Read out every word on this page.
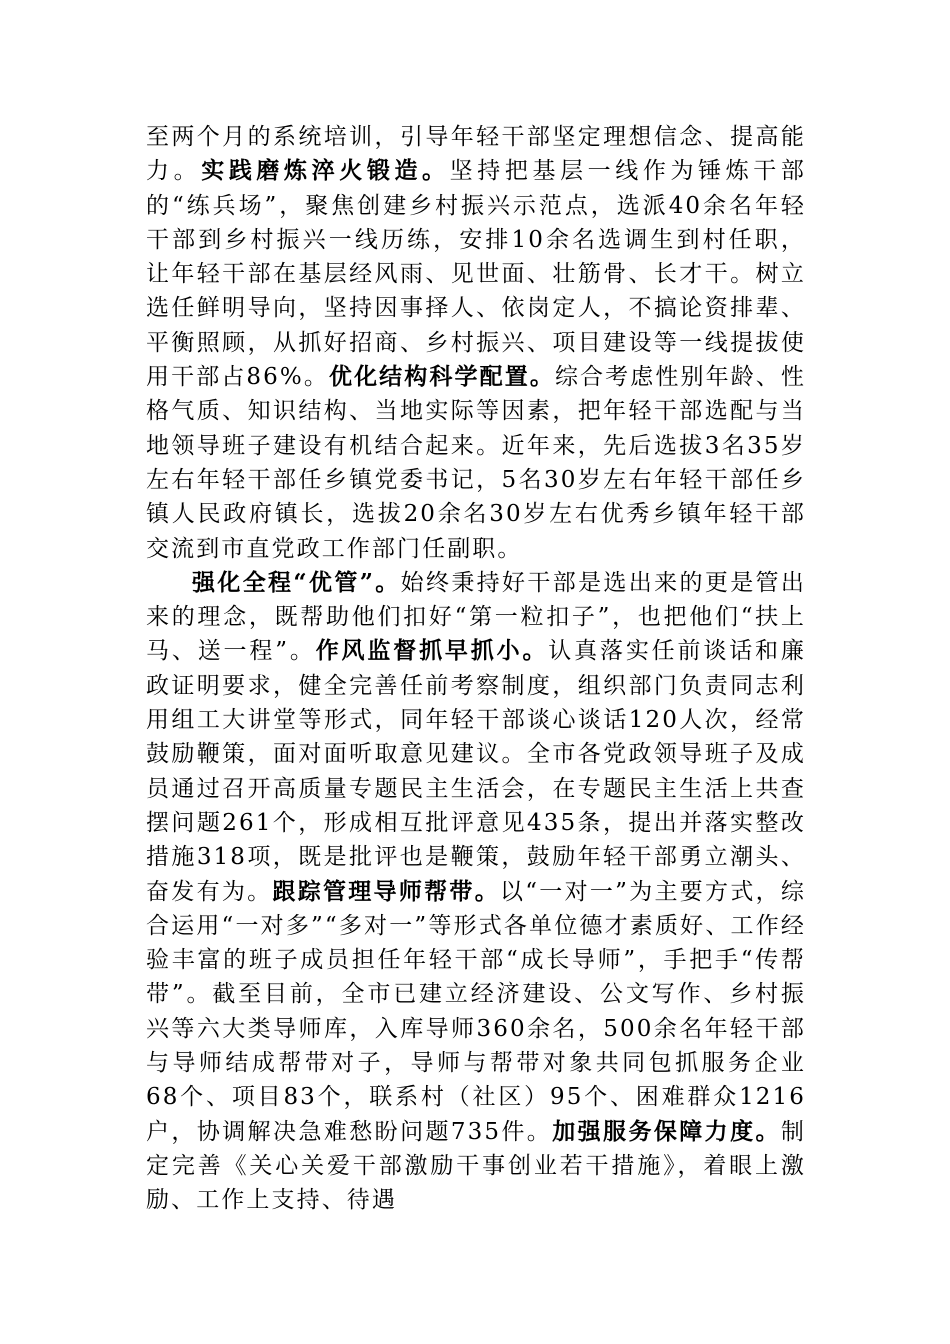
至两个月的系统培训，引导年轻干部坚定理想信念、提高能力。实践磨炼淬火锻造。坚持把基层一线作为锤炼干部的“练兵场”，聚焦创建乡村振兴示范点，选派40余名年轻干部到乡村振兴一线历练，安排10余名选调生到村任职，让年轻干部在基层经风雨、见世面、壮筋骨、长才干。树立选任鲜明导向，坚持因事择人、依岗定人，不搞论资排辈、平衡照顾，从抓好招商、乡村振兴、项目建设等一线提拔使用干部占86%。优化结构科学配置。综合考虑性别年龄、性格气质、知识结构、当地实际等因素，把年轻干部选配与当地领导班子建设有机结合起来。近年来，先后选拔3名35岁左右年轻干部任乡镇党委书记，5名30岁左右年轻干部任乡镇人民政府镇长，选拔20余名30岁左右优秀乡镇年轻干部交流到市直党政工作部门任副职。

强化全程“优管”。始终秉持好干部是选出来的更是管出来的理念，既帮助他们扣好“第一粒扣子”，也把他们“扶上马、送一程”。作风监督抓早抓小。认真落实任前谈话和廉政证明要求，健全完善任前考察制度，组织部门负责同志利用组工大讲堂等形式，同年轻干部谈心谈话120人次，经常鼓励鞭策，面对面听取意见建议。全市各党政领导班子及成员通过召开高质量专题民主生活会，在专题民主生活上共查摆问题261个，形成相互批评意见435条，提出并落实整改措施318项，既是批评也是鞭策，鼓励年轻干部勇立潮头、奋发有为。跟踪管理导师帮带。以“一对一”为主要方式，综合运用“一对多”“多对一”等形式各单位德才素质好、工作经验丰富的班子成员担任年轻干部“成长导师”，手把手“传帮带”。截至目前，全市已建立经济建设、公文写作、乡村振兴等六大类导师库，入库导师360余名，500余名年轻干部与导师结成帮带对子，导师与帮带对象共同包抓服务企业68个、项目83个，联系村（社区）95个、困难群众1216户，协调解决急难愁盼问题735件。加强服务保障力度。制定完善《关心关爱干部激励干事创业若干措施》，着眼上激励、工作上支持、待遇
